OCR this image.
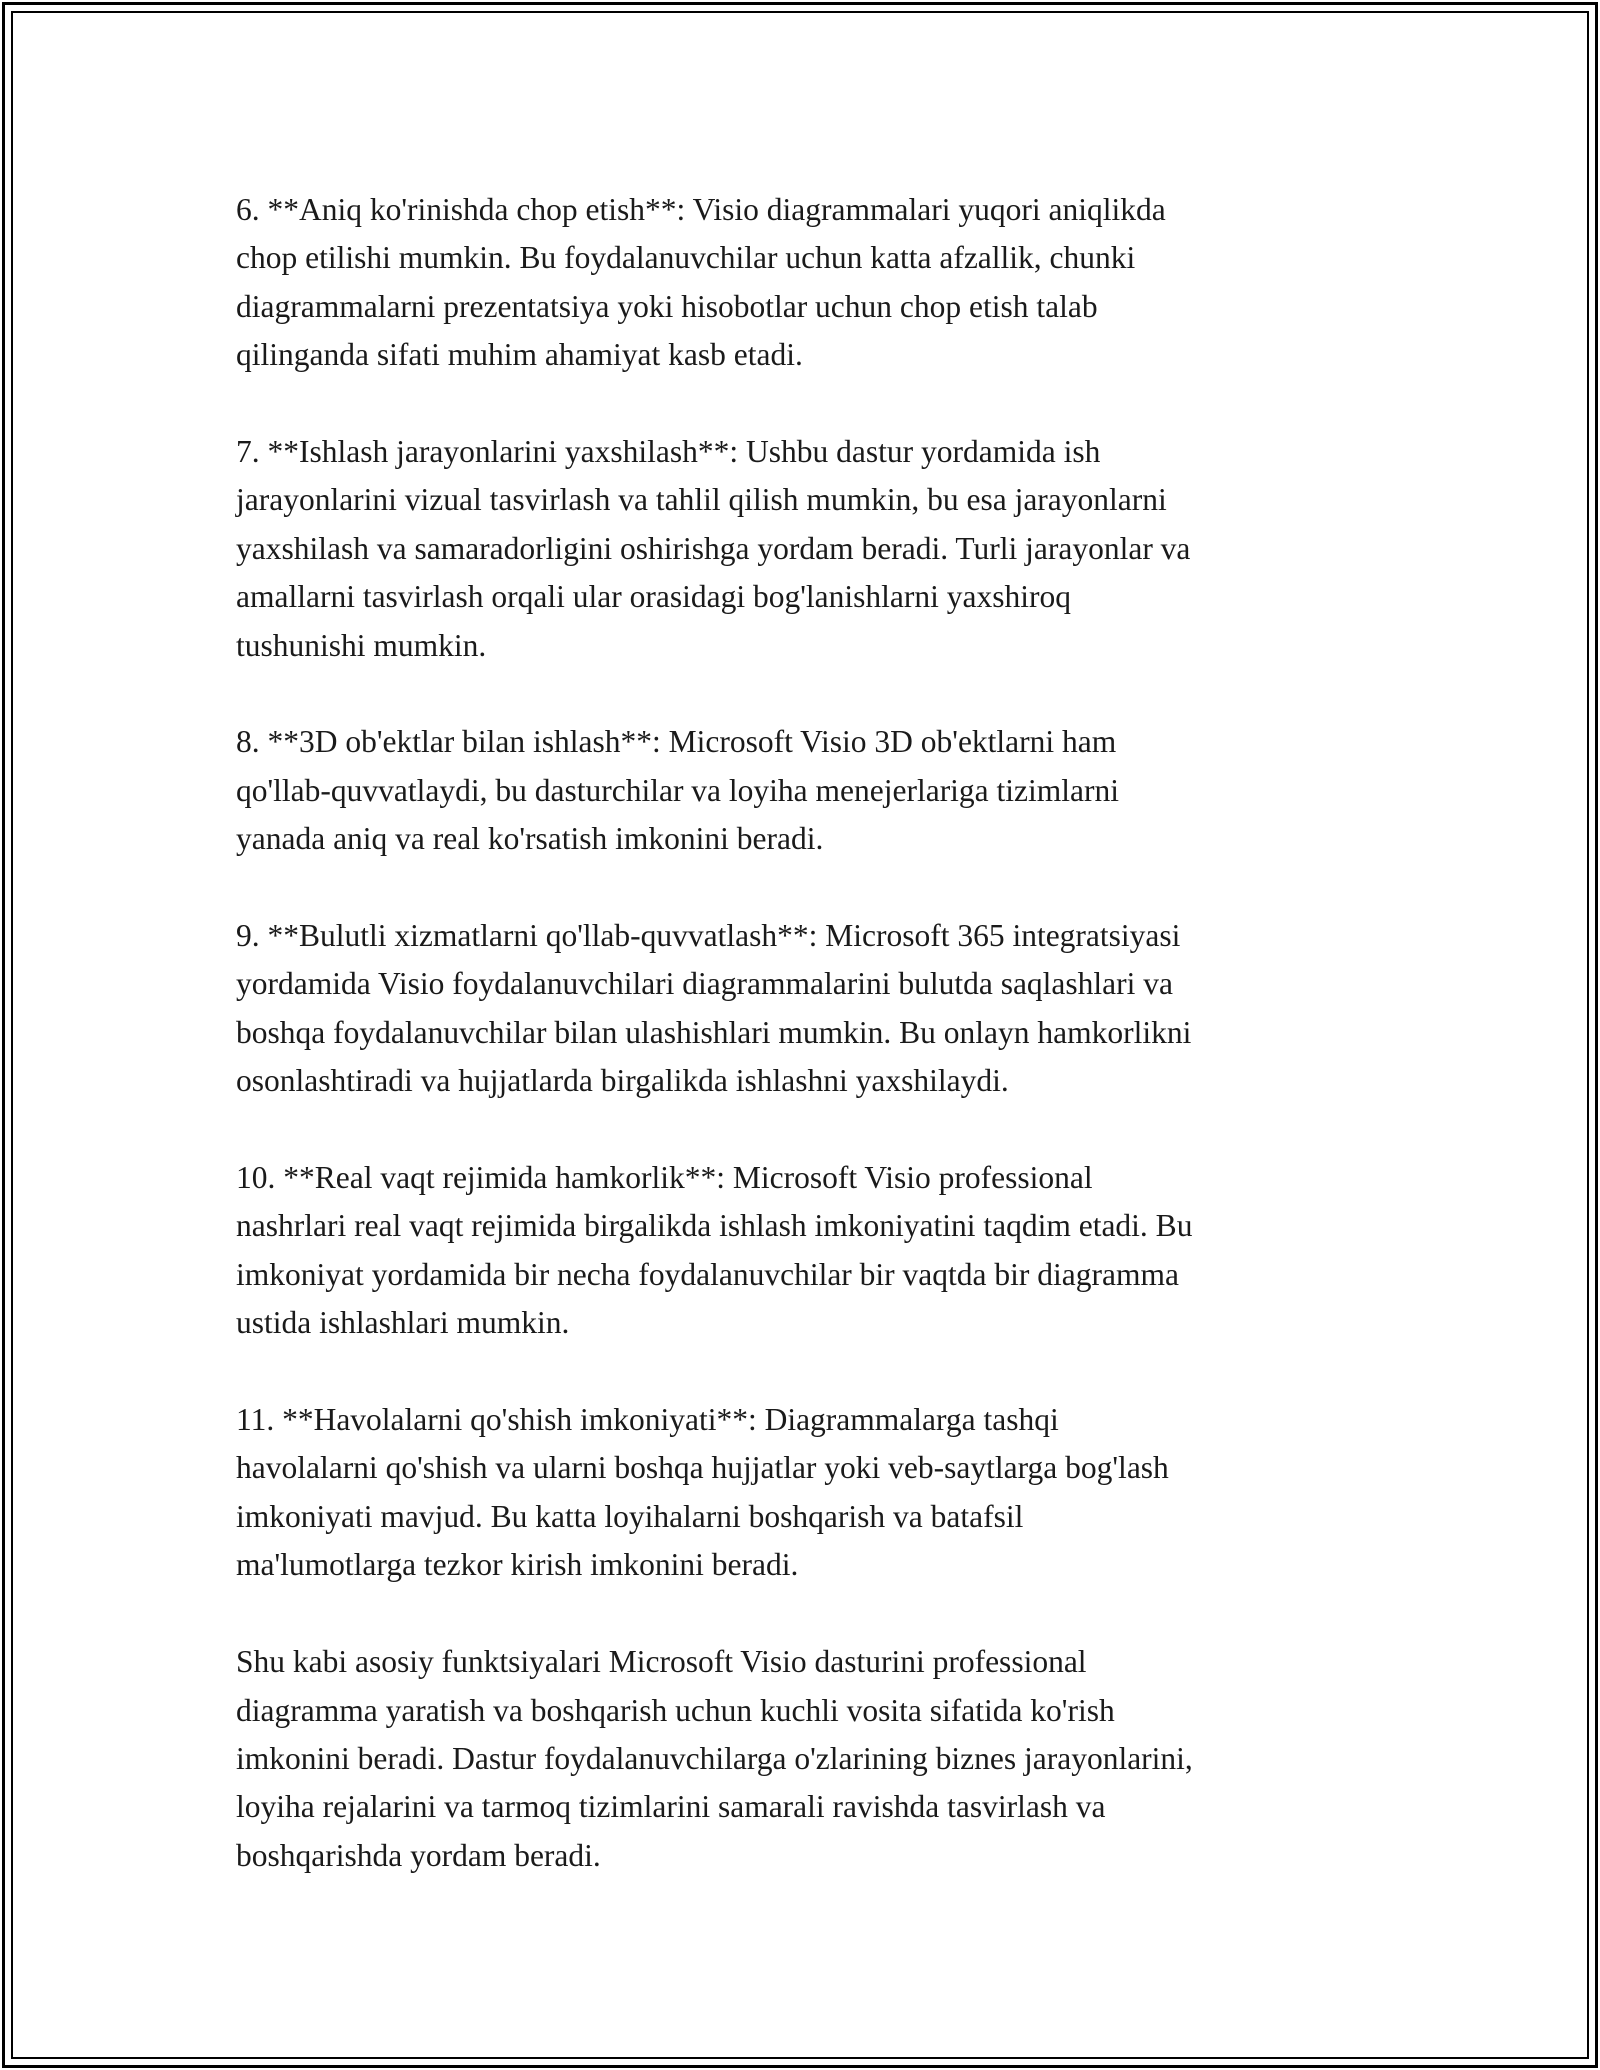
6. **Aniq ko'rinishda chop etish**: Visio diagrammalari yuqori aniqlikda
chop etilishi mumkin. Bu foydalanuvchilar uchun katta afzallik, chunki
diagrammalarni prezentatsiya yoki hisobotlar uchun chop etish talab
qilinganda sifati muhim ahamiyat kasb etadi.

7. **Ishlash jarayonlarini yaxshilash**: Ushbu dastur yordamida ish
jarayonlarini vizual tasvirlash va tahlil qilish mumkin, bu esa jarayonlarni
yaxshilash va samaradorligini oshirishga yordam beradi. Turli jarayonlar va
amallarni tasvirlash orqali ular orasidagi bog'lanishlarni yaxshiroq
tushunishi mumkin.

8. **3D ob'ektlar bilan ishlash**: Microsoft Visio 3D ob'ektlarni ham
qo'llab-quvvatlaydi, bu dasturchilar va loyiha menejerlariga tizimlarni
yanada aniq va real ko'rsatish imkonini beradi.

9. **Bulutli xizmatlarni qo'llab-quvvatlash**: Microsoft 365 integratsiyasi
yordamida Visio foydalanuvchilari diagrammalarini bulutda saqlashlari va
boshqa foydalanuvchilar bilan ulashishlari mumkin. Bu onlayn hamkorlikni
osonlashtiradi va hujjatlarda birgalikda ishlashni yaxshilaydi.

10. **Real vaqt rejimida hamkorlik**: Microsoft Visio professional
nashrlari real vaqt rejimida birgalikda ishlash imkoniyatini taqdim etadi. Bu
imkoniyat yordamida bir necha foydalanuvchilar bir vaqtda bir diagramma
ustida ishlashlari mumkin.

11. **Havolalarni qo'shish imkoniyati**: Diagrammalarga tashqi
havolalarni qo'shish va ularni boshqa hujjatlar yoki veb-saytlarga bog'lash
imkoniyati mavjud. Bu katta loyihalarni boshqarish va batafsil
ma'lumotlarga tezkor kirish imkonini beradi.

Shu kabi asosiy funktsiyalari Microsoft Visio dasturini professional
diagramma yaratish va boshqarish uchun kuchli vosita sifatida ko'rish
imkonini beradi. Dastur foydalanuvchilarga o'zlarining biznes jarayonlarini,
loyiha rejalarini va tarmoq tizimlarini samarali ravishda tasvirlash va
boshqarishda yordam beradi.
